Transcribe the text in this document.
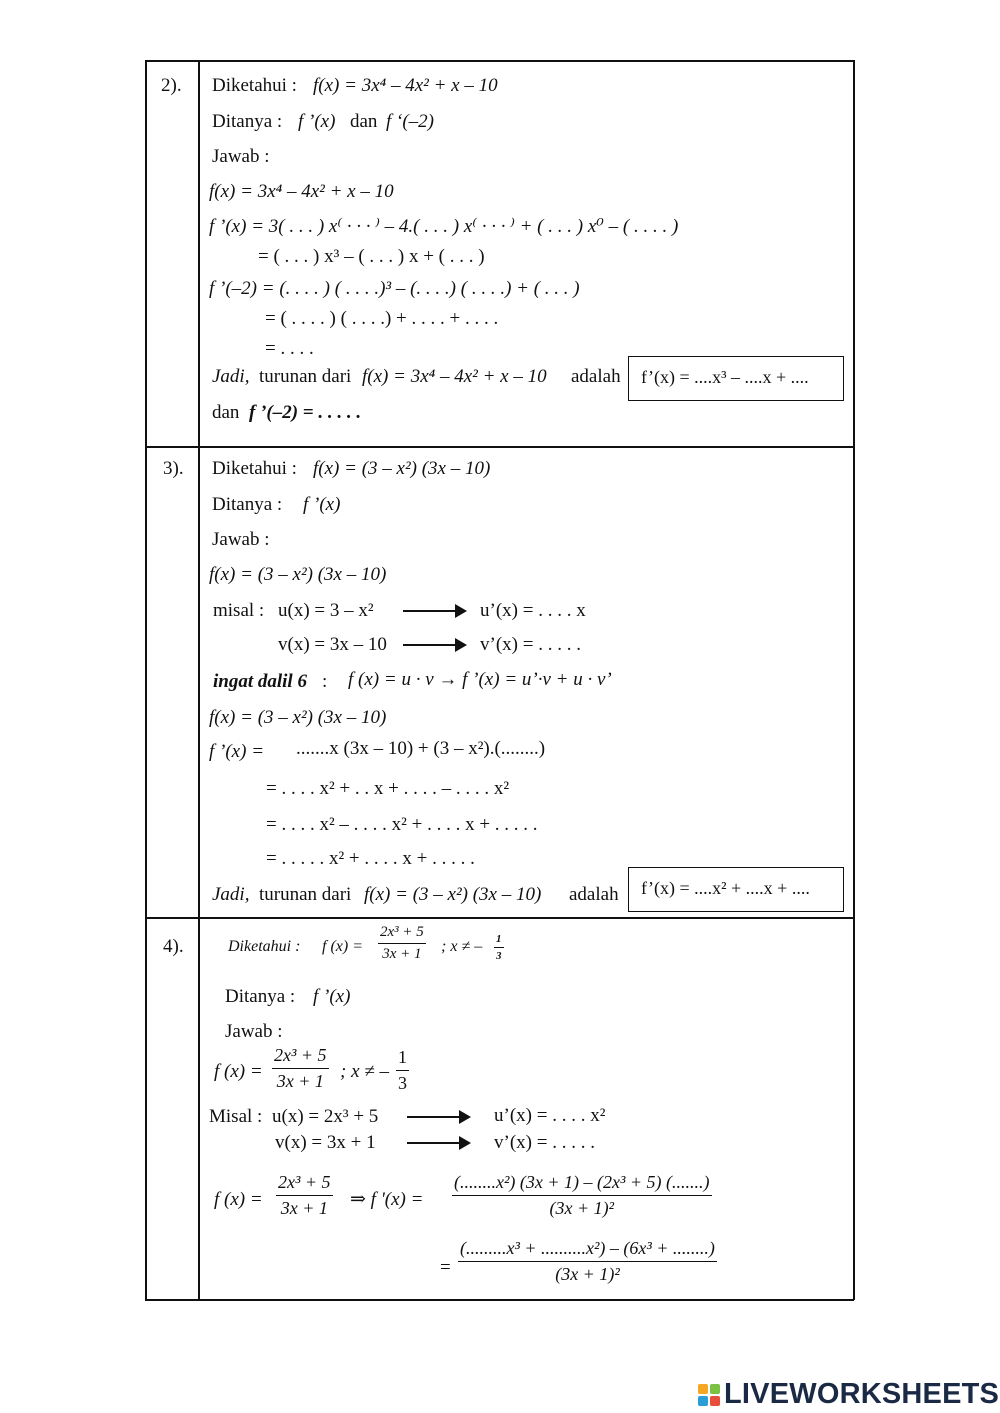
2). Diketahui : f(x) = 3x⁴ – 4x² + x – 10
Ditanya : f ’(x) dan f ‘(–2)
Jawab :
f(x) = 3x⁴ – 4x² + x – 10
f ’(x) = 3( . . . ) x⁽ · · · ⁾ – 4.( . . . ) x⁽ · · · ⁾ + ( . . . ) x⁰ – ( . . . . )
= ( . . . ) x³ – ( . . . ) x + ( . . . )
f ’(–2) = (. . . . ) ( . . . .)³ – (. . . .) ( . . . .) + ( . . . )
= ( . . . . ) ( . . . .) + . . . . + . . . .
= . . . .
Jadi, turunan dari f(x) = 3x⁴ – 4x² + x – 10 adalah f’(x) = ....x³ – ....x + ....
dan f ’(–2) = . . . . .
3). Diketahui : f(x) = (3 – x²) (3x – 10)
Ditanya : f ’(x)
Jawab :
f(x) = (3 – x²) (3x – 10)
misal : u(x) = 3 – x²	u’(x) = . . . . x
v(x) = 3x – 10	v’(x) = . . . . .
ingat dalil 6 : f (x) = u · v → f ’(x) = u’·v + u · v’
f(x) = (3 – x²) (3x – 10)
f ’(x) = .......x (3x – 10) + (3 – x²).(........)
= . . . . x² + . . x + . . . . – . . . . x²
= . . . . x² – . . . . x² + . . . . x + . . . . .
= . . . . . x² + . . . . x + . . . . .
Jadi, turunan dari f(x) = (3 – x²) (3x – 10) adalah f’(x) = ....x² + ....x + ....
4).	Diketahui : f $(x) = \frac{\text{2x³ + 5}}{3x + 1}$ ; x ≠ – $\frac{1}{3}$
Ditanya : f ’(x)
Jawab :
f $(x) = \frac{\text{2x³ + 5}}{3x + 1}$ ; x ≠ – $\frac{1}{3}$
Misal : u(x) = 2x³ + 5	u’(x) = . . . . x²
v(x) = 3x + 1	v’(x) = . . . . .
f $(x) = \frac{\text{2x³ + 5}}{3x + 1}$ ⇒ f '$(x) = \frac{\text{(........x²) (3x + 1) – (2x³ + 5) (.......)}}{\text{(3x + 1)²}}$
= $\frac{\text{(.........x³ + ..........x²) – (6x³ + ........)}}{\text{(3x + 1)²}}$
LIVEWORKSHEETS
